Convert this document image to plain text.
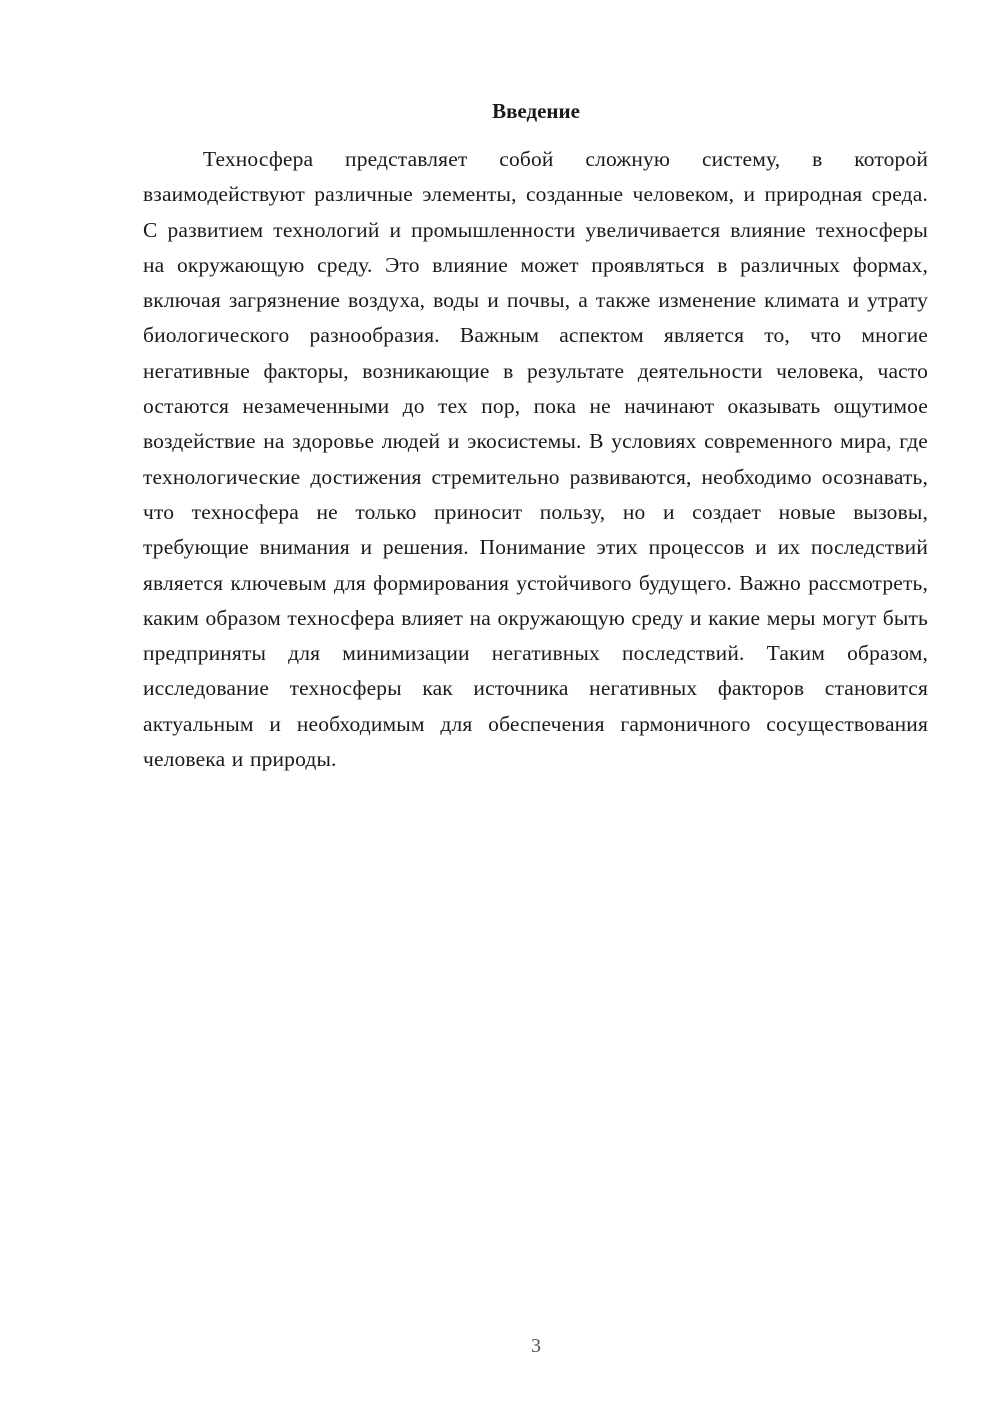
Введение

Техносфера представляет собой сложную систему, в которой взаимодействуют различные элементы, созданные человеком, и природная среда. С развитием технологий и промышленности увеличивается влияние техносферы на окружающую среду. Это влияние может проявляться в различных формах, включая загрязнение воздуха, воды и почвы, а также изменение климата и утрату биологического разнообразия. Важным аспектом является то, что многие негативные факторы, возникающие в результате деятельности человека, часто остаются незамеченными до тех пор, пока не начинают оказывать ощутимое воздействие на здоровье людей и экосистемы. В условиях современного мира, где технологические достижения стремительно развиваются, необходимо осознавать, что техносфера не только приносит пользу, но и создает новые вызовы, требующие внимания и решения. Понимание этих процессов и их последствий является ключевым для формирования устойчивого будущего. Важно рассмотреть, каким образом техносфера влияет на окружающую среду и какие меры могут быть предприняты для минимизации негативных последствий. Таким образом, исследование техносферы как источника негативных факторов становится актуальным и необходимым для обеспечения гармоничного сосуществования человека и природы.

3
